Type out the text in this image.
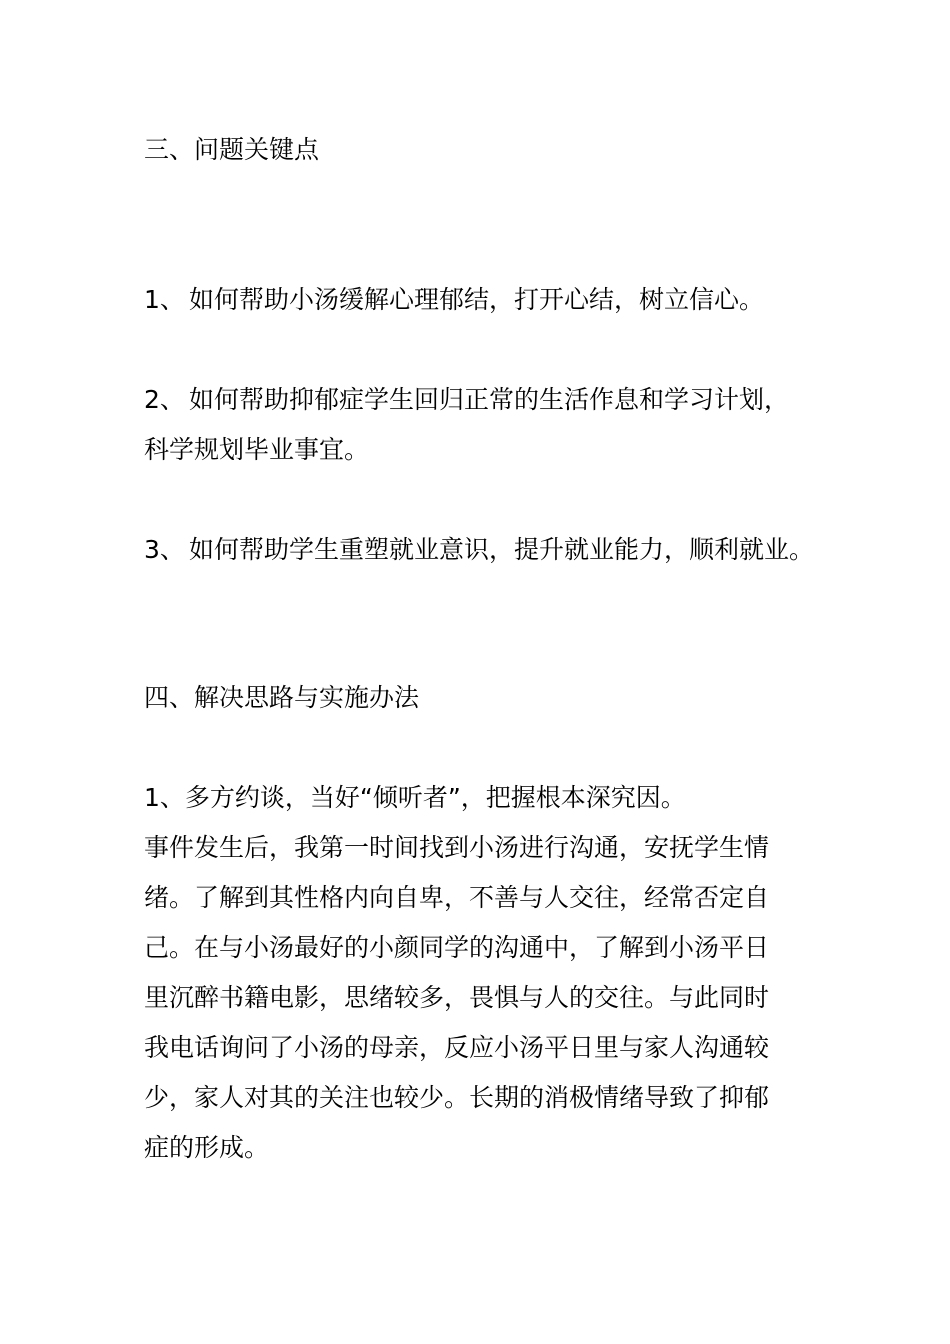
三、问题关键点
1、 如何帮助小汤缓解心理郁结，打开心结，树立信心。
2、 如何帮助抑郁症学生回归正常的生活作息和学习计划，
科学规划毕业事宜。
3、 如何帮助学生重塑就业意识，提升就业能力，顺利就业。
四、解决思路与实施办法
1、多方约谈，当好“倾听者”，把握根本深究因。
事件发生后，我第一时间找到小汤进行沟通，安抚学生情
绪。了解到其性格内向自卑，不善与人交往，经常否定自
己。在与小汤最好的小颜同学的沟通中，了解到小汤平日
里沉醉书籍电影，思绪较多，畏惧与人的交往。与此同时
我电话询问了小汤的母亲，反应小汤平日里与家人沟通较
少，家人对其的关注也较少。长期的消极情绪导致了抑郁
症的形成。
